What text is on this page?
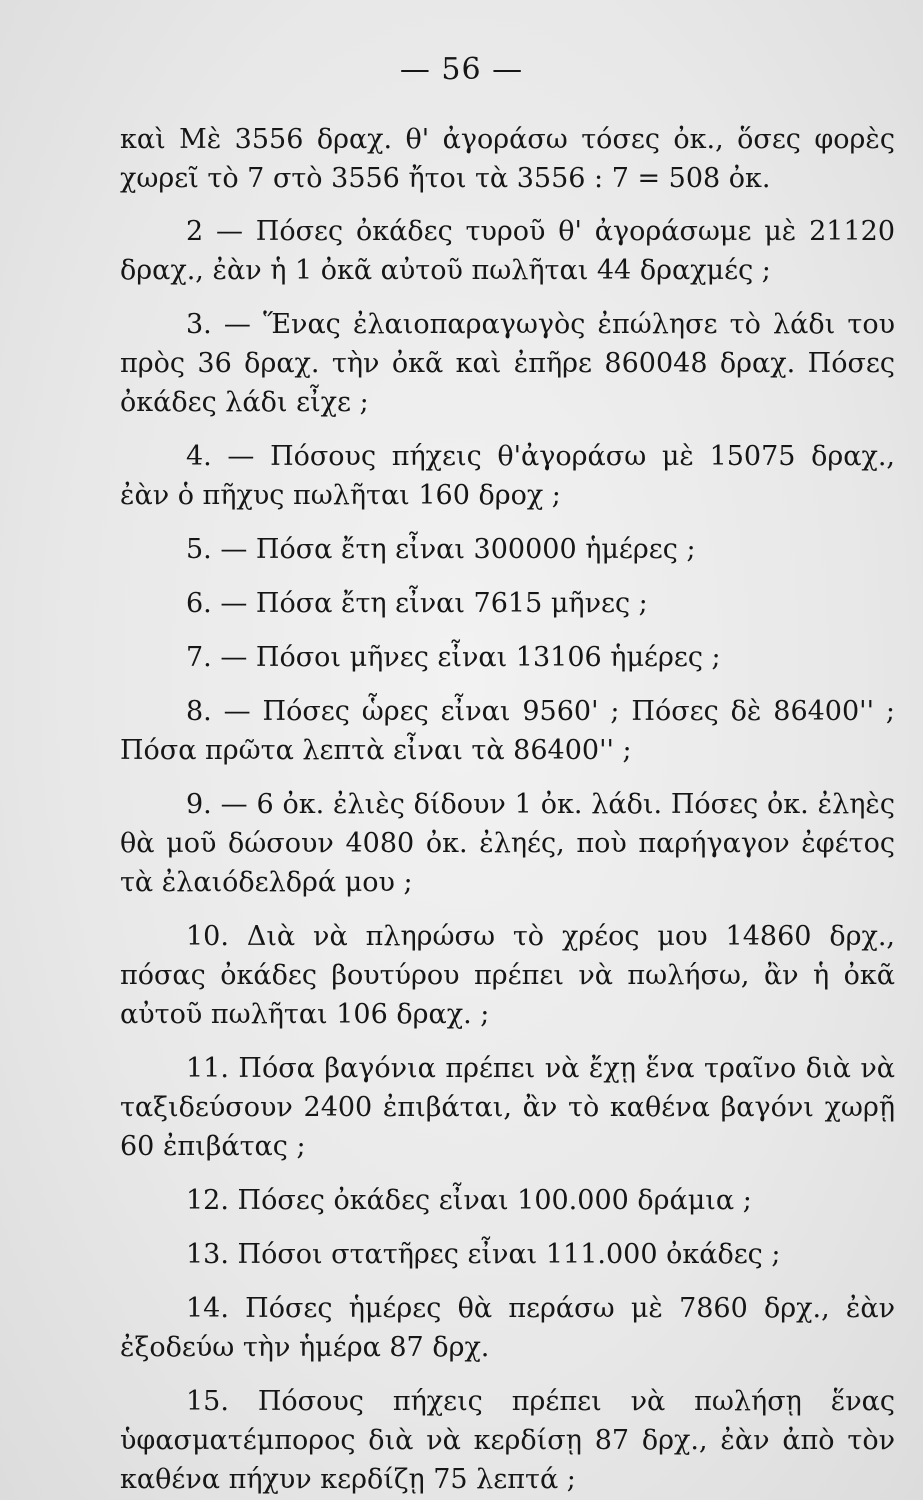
— 56 —

καὶ Μὲ 3556 δραχ. θ' ἀγοράσω τόσες ὀκ., ὅσες φορὲς χωρεῖ τὸ 7 στὸ 3556 ἤτοι τὰ 3556 : 7 = 508 ὀκ.

2 — Πόσες ὀκάδες τυροῦ θ' ἀγοράσωμε μὲ 21120 δραχ., ἐὰν ἡ 1 ὀκᾶ αὐτοῦ πωλῆται 44 δραχμές ;

3. — Ἕνας ἐλαιοπαραγωγὸς ἐπώλησε τὸ λάδι του πρὸς 36 δραχ. τὴν ὀκᾶ καὶ ἐπῆρε 860048 δραχ. Πόσες ὀκάδες λάδι εἶχε ;

4. — Πόσους πήχεις θ'ἀγοράσω μὲ 15075 δραχ., ἐὰν ὁ πῆχυς πωλῆται 160 δροχ ;

5. — Πόσα ἔτη εἶναι 300000 ἡμέρες ;

6. — Πόσα ἔτη εἶναι 7615 μῆνες ;

7. — Πόσοι μῆνες εἶναι 13106 ἡμέρες ;

8. — Πόσες ὧρες εἶναι 9560' ; Πόσες δὲ 86400'' ; Πόσα πρῶτα λεπτὰ εἶναι τὰ 86400'' ;

9. — 6 ὀκ. ἐλιὲς δίδουν 1 ὀκ. λάδι. Πόσες ὀκ. ἐληὲς θὰ μοῦ δώσουν 4080 ὀκ. ἐληές, ποὺ παρήγαγον ἐφέτος τὰ ἐλαιόδελδρά μου ;

10. Διὰ νὰ πληρώσω τὸ χρέος μου 14860 δρχ., πόσας ὀκάδες βουτύρου πρέπει νὰ πωλήσω, ἂν ἡ ὀκᾶ αὐτοῦ πωλῆται 106 δραχ. ;

11. Πόσα βαγόνια πρέπει νὰ ἔχῃ ἕνα τραῖνο διὰ νὰ ταξιδεύσουν 2400 ἐπιβάται, ἂν τὸ καθένα βαγόνι χωρῇ 60 ἐπιβάτας ;

12. Πόσες ὀκάδες εἶναι 100.000 δράμια ;

13. Πόσοι στατῆρες εἶναι 111.000 ὀκάδες ;

14. Πόσες ἡμέρες θὰ περάσω μὲ 7860 δρχ., ἐὰν ἐξοδεύω τὴν ἡμέρα 87 δρχ.

15. Πόσους πήχεις πρέπει νὰ πωλήσῃ ἕνας ὑφασματέμπορος διὰ νὰ κερδίσῃ 87 δρχ., ἐὰν ἀπὸ τὸν καθένα πήχυν κερδίζῃ 75 λεπτά ;
